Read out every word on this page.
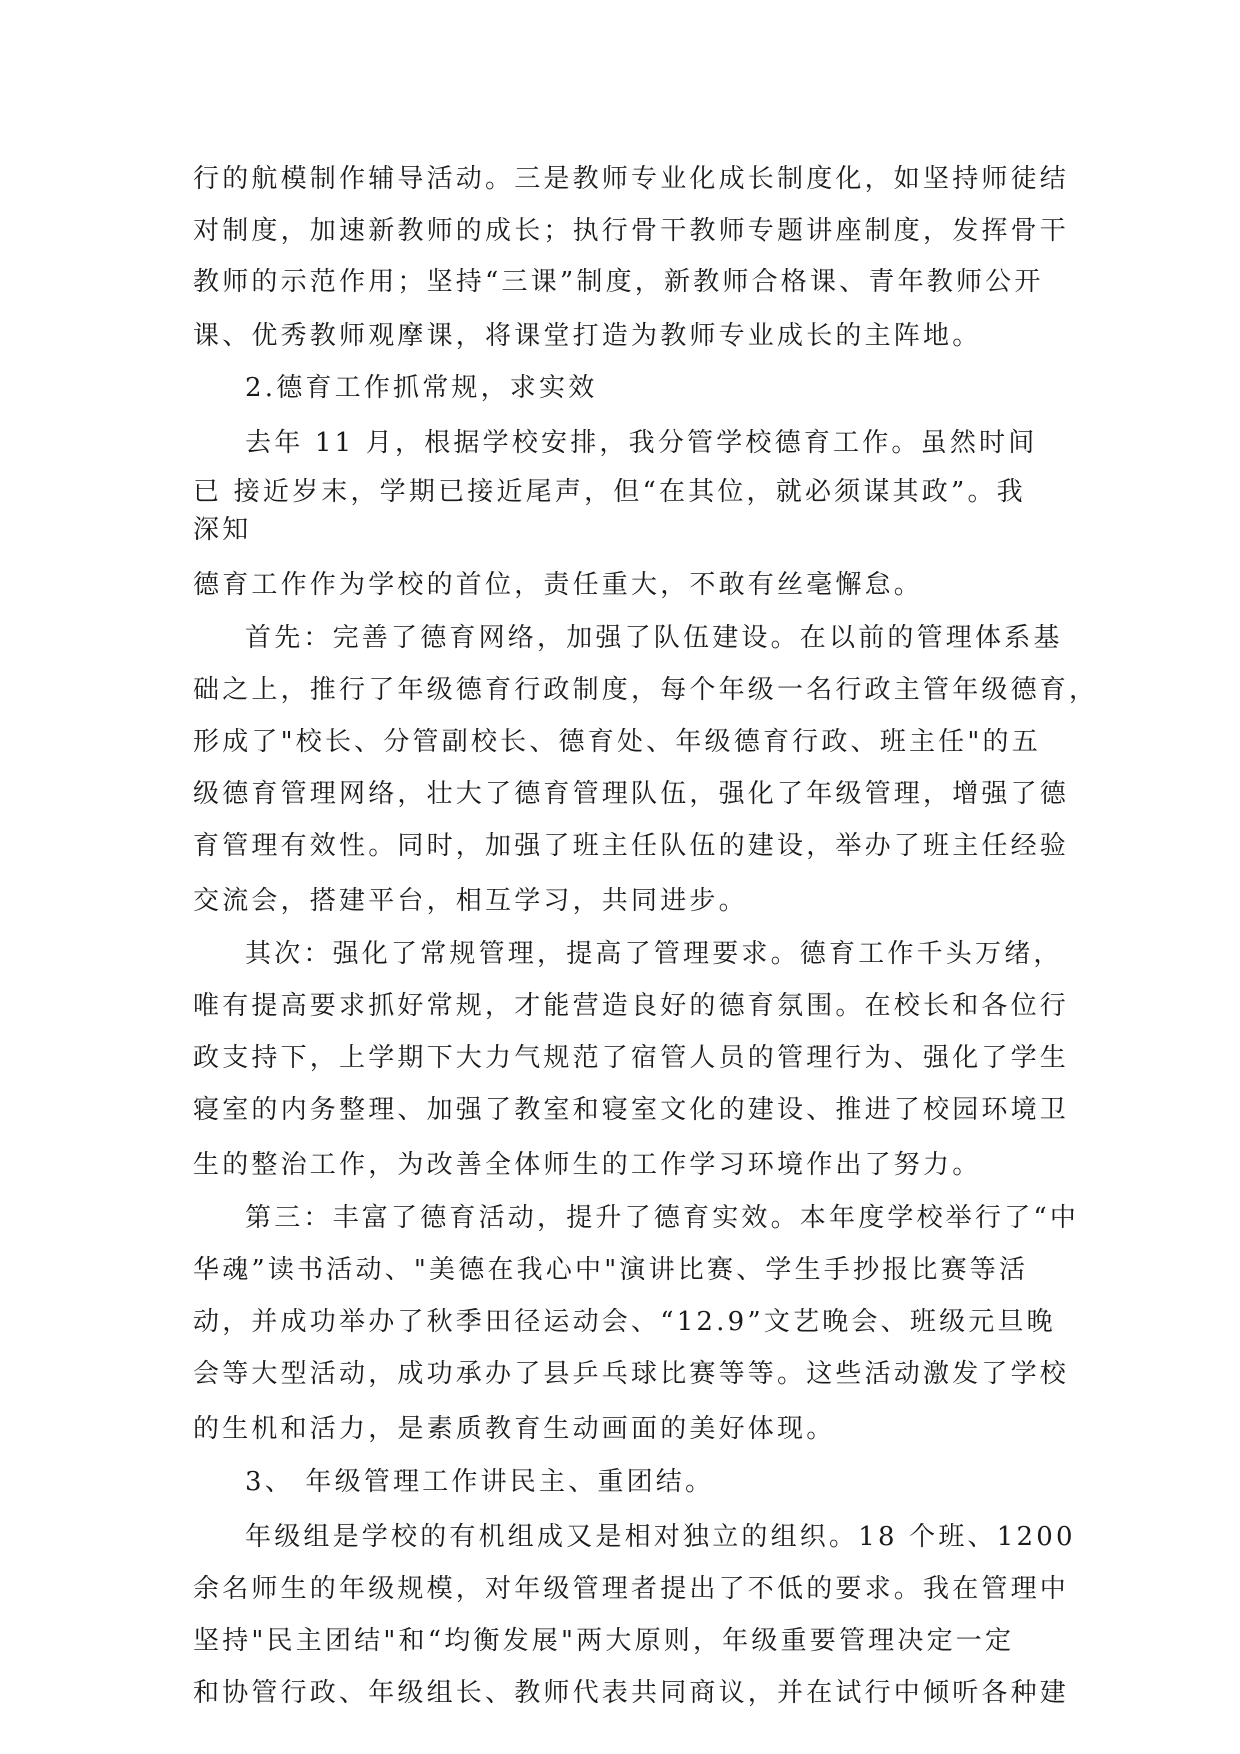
行的航模制作辅导活动。三是教师专业化成长制度化，如坚持师徒结
对制度，加速新教师的成长；执行骨干教师专题讲座制度，发挥骨干
教师的示范作用；坚持“三课”制度，新教师合格课、青年教师公开
课、优秀教师观摩课，将课堂打造为教师专业成长的主阵地。
2.德育工作抓常规，求实效
去年 11 月，根据学校安排，我分管学校德育工作。虽然时间
已 接近岁末，学期已接近尾声，但“在其位，就必须谋其政”。我
深知
德育工作作为学校的首位，责任重大，不敢有丝毫懈怠。
首先：完善了德育网络，加强了队伍建设。在以前的管理体系基
础之上，推行了年级德育行政制度，每个年级一名行政主管年级德育，
形成了"校长、分管副校长、德育处、年级德育行政、班主任"的五
级德育管理网络，壮大了德育管理队伍，强化了年级管理，增强了德
育管理有效性。同时，加强了班主任队伍的建设，举办了班主任经验
交流会，搭建平台，相互学习，共同进步。
其次：强化了常规管理，提高了管理要求。德育工作千头万绪，
唯有提高要求抓好常规，才能营造良好的德育氛围。在校长和各位行
政支持下，上学期下大力气规范了宿管人员的管理行为、强化了学生
寝室的内务整理、加强了教室和寝室文化的建设、推进了校园环境卫
生的整治工作，为改善全体师生的工作学习环境作出了努力。
第三：丰富了德育活动，提升了德育实效。本年度学校举行了“中
华魂”读书活动、"美德在我心中"演讲比赛、学生手抄报比赛等活
动，并成功举办了秋季田径运动会、“12.9”文艺晚会、班级元旦晚
会等大型活动，成功承办了县乒乓球比赛等等。这些活动激发了学校
的生机和活力，是素质教育生动画面的美好体现。
3、 年级管理工作讲民主、重团结。
年级组是学校的有机组成又是相对独立的组织。18 个班、1200
余名师生的年级规模，对年级管理者提出了不低的要求。我在管理中
坚持"民主团结"和“均衡发展"两大原则，年级重要管理决定一定
和协管行政、年级组长、教师代表共同商议，并在试行中倾听各种建
